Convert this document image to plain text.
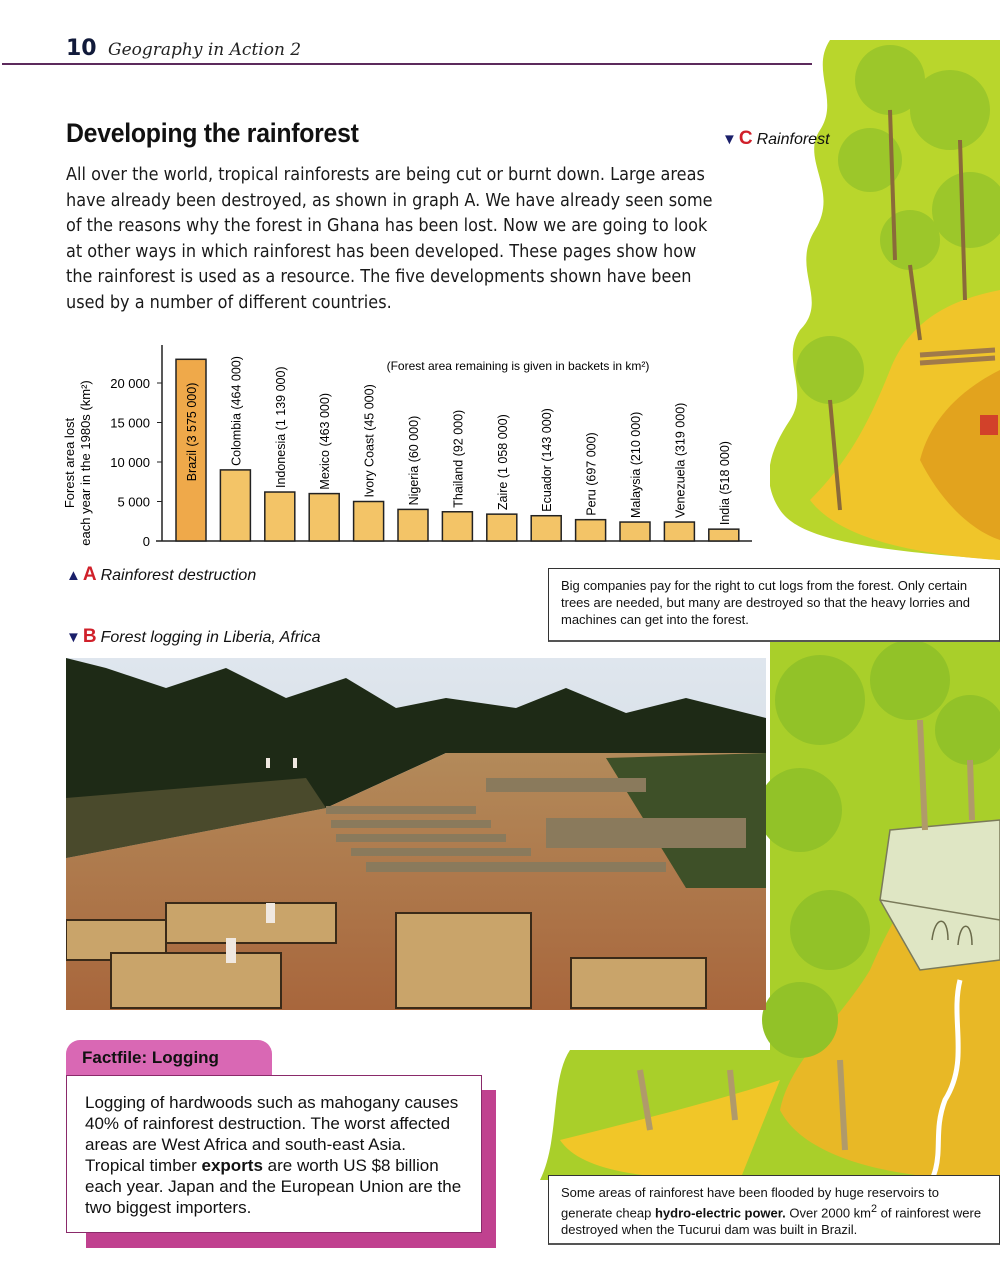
10 Geography in Action 2
Developing the rainforest
All over the world, tropical rainforests are being cut or burnt down. Large areas have already been destroyed, as shown in graph A. We have already seen some of the reasons why the forest in Ghana has been lost. Now we are going to look at other ways in which rainforest has been developed. These pages show how the rainforest is used as a resource. The five developments shown have been used by a number of different countries.
▼ C Rainforest
Forest area lost each year in the 1980s (km²)	0
5 000
10 000
15 000
20 000
(Forest area remaining is given in backets in km²)
Brazil (3 575 000) Colombia (464 000) Indonesia (1 139 000) Mexico (463 000) Ivory Coast (45 000) Nigeria (60 000) Thailand (92 000) Zaire (1 058 000) Ecuador (143 000) Peru (697 000) Malaysia (210 000) Venezuela (319 000) India (518 000)
▲ A Rainforest destruction
▼ B Forest logging in Liberia, Africa
Big companies pay for the right to cut logs from the forest. Only certain trees are needed, but many are destroyed so that the heavy lorries and machines can get into the forest.
Some areas of rainforest have been flooded by huge reservoirs to generate cheap hydro-electric power. Over 2000 $km^2$ of rainforest were destroyed when the Tucurui dam was built in Brazil.
Factfile: Logging
Logging of hardwoods such as mahogany causes 40% of rainforest destruction. The worst affected areas are West Africa and south-east Asia. Tropical timber exports are worth US $8 billion each year. Japan and the European Union are the two biggest importers.
